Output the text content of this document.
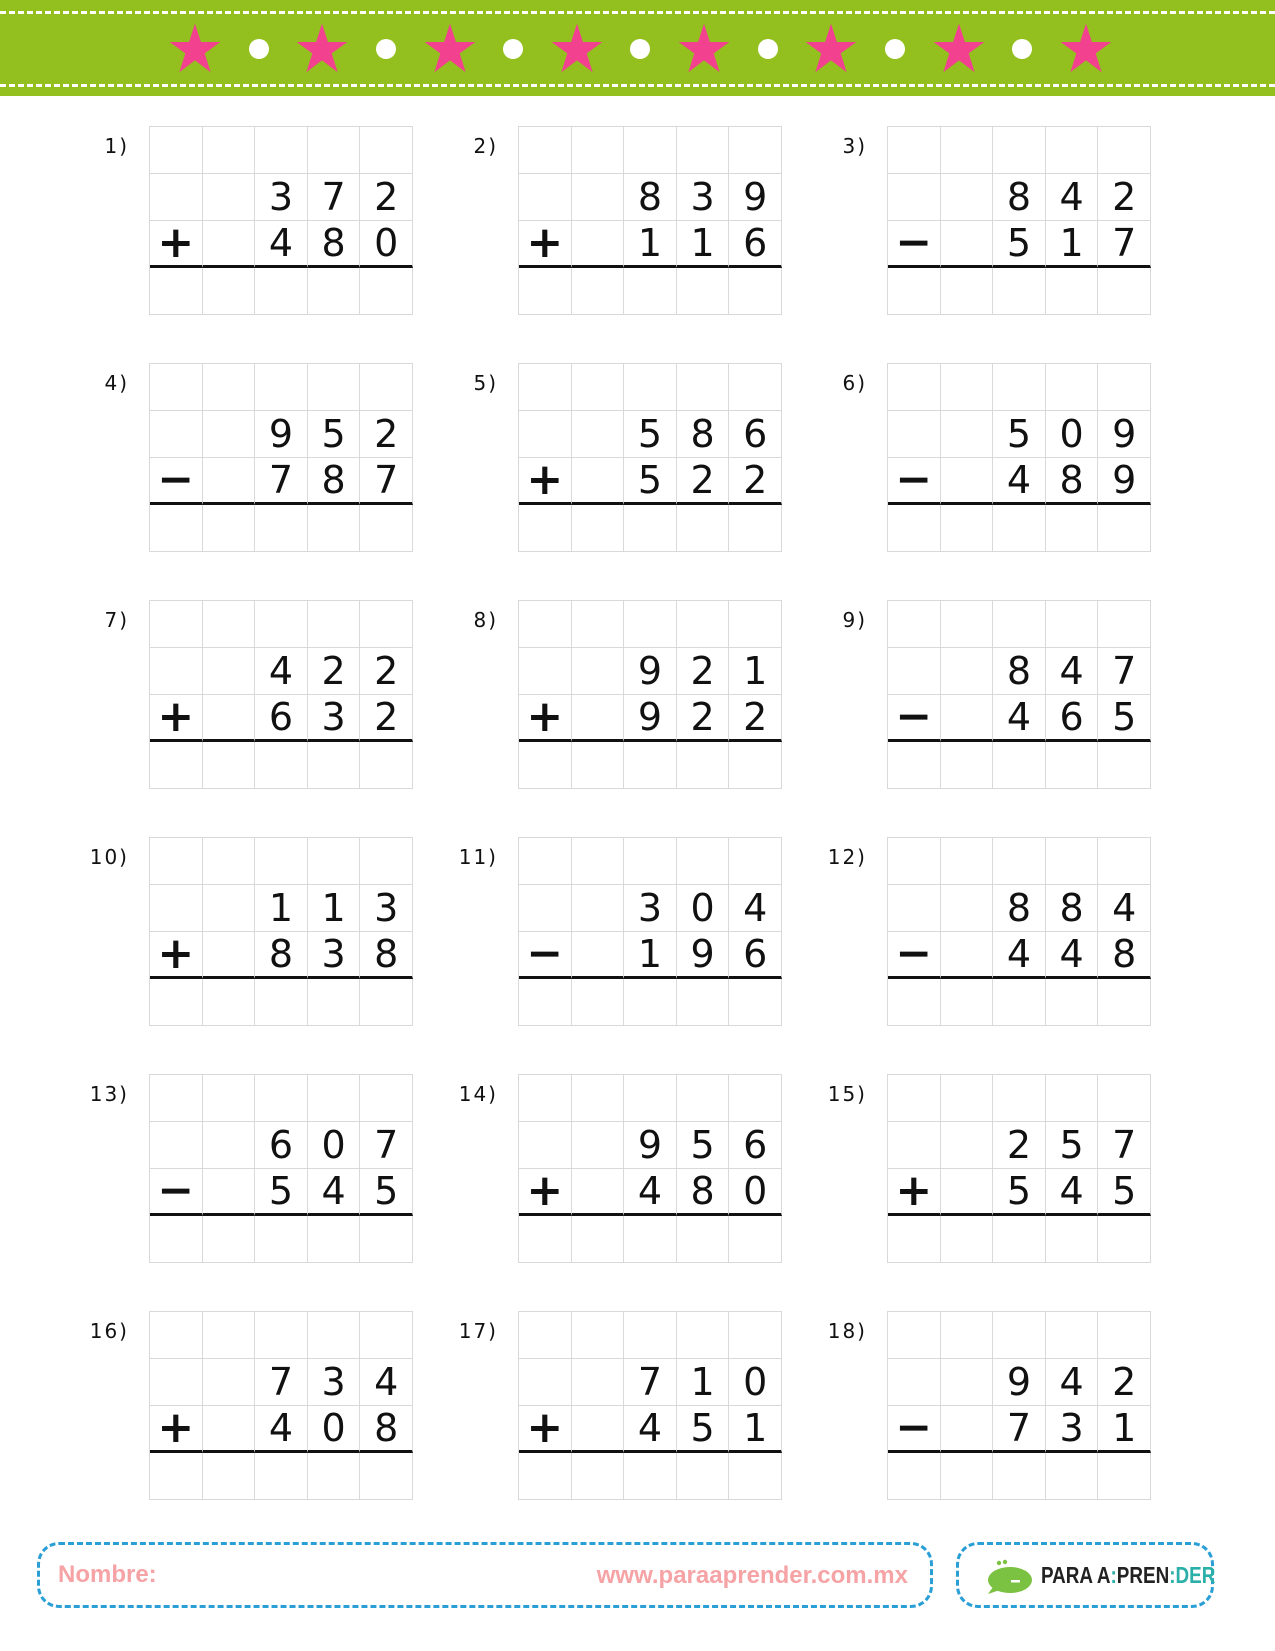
1)
3 7 2
+	4 8 0
2)
8 3 9
+	1 1 6
3)
8 4 2
−	5 1 7
4)
9 5 2
−	7 8 7
5)
5 8 6
+	5 2 2
6)
5 0 9
−	4 8 9
7)
4 2 2
+	6 3 2
8)
9 2 1
+	9 2 2
9)
8 4 7
−	4 6 5
10)
1 1 3
+	8 3 8
11)
3 0 4
−	1 9 6
12)
8 8 4
−	4 4 8
13)
6 0 7
−	5 4 5
14)
9 5 6
+	4 8 0
15)
2 5 7
+	5 4 5
16)
7 3 4
+	4 0 8
17)
7 1 0
+	4 5 1
18)
9 4 2
−	7 3 1
Nombre:	www.paraaprender.com.mx	PARA A:PREN:DER
